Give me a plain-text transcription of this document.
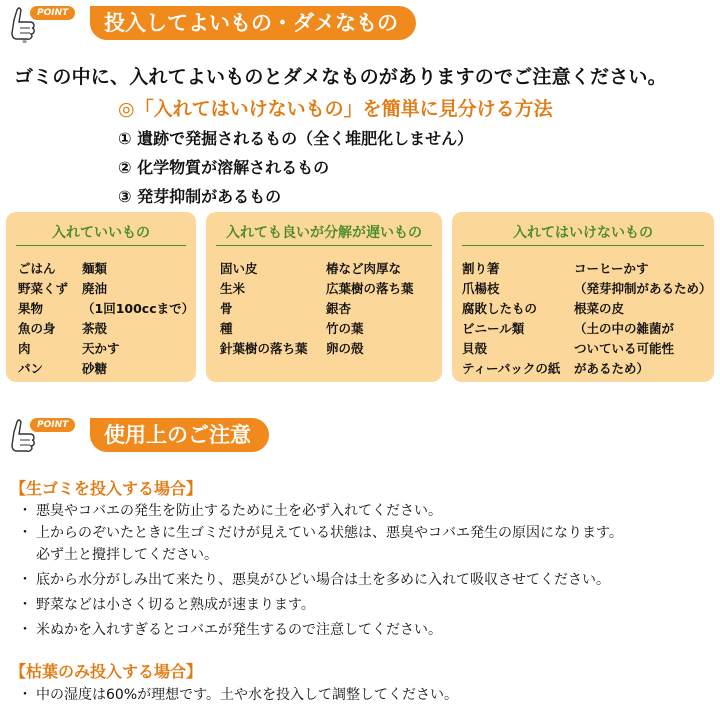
≡
POINT	投入してよいもの・ダメなもの
ゴミの中に、入れてよいものとダメなものがありますのでご注意ください。
◎「入れてはいけないもの」を簡単に見分ける方法
① 遺跡で発掘されるもの（全く堆肥化しません）
② 化学物質が溶解されるもの
③ 発芽抑制があるもの
入れていいもの
ごはん 麺類
野菜くず 廃油
果物	（1回100ccまで）
魚の身 茶殻
肉	天かす
パン	砂糖
入れても良いが分解が遅いもの
固い皮	椿など肉厚な
生米	広葉樹の落ち葉
骨	銀杏
種	竹の葉
針葉樹の落ち葉 卵の殻
入れてはいけないもの
割り箸	コーヒーかす
爪楊枝	（発芽抑制があるため）
腐敗したもの	根菜の皮
ビニール類	（土の中の雑菌が
貝殻	ついている可能性
ティーパックの紙 があるため）
POINT	使用上のご注意
【生ゴミを投入する場合】
・ 悪臭やコバエの発生を防止するために土を必ず入れてください。
・ 上からのぞいたときに生ゴミだけが見えている状態は、悪臭やコバエ発生の原因になります。
必ず土と攪拌してください。
・ 底から水分がしみ出て来たり、悪臭がひどい場合は土を多めに入れて吸収させてください。
・ 野菜などは小さく切ると熟成が速まります。
・ 米ぬかを入れすぎるとコバエが発生するので注意してください。
【枯葉のみ投入する場合】
・ 中の湿度は60%が理想です。土や水を投入して調整してください。
